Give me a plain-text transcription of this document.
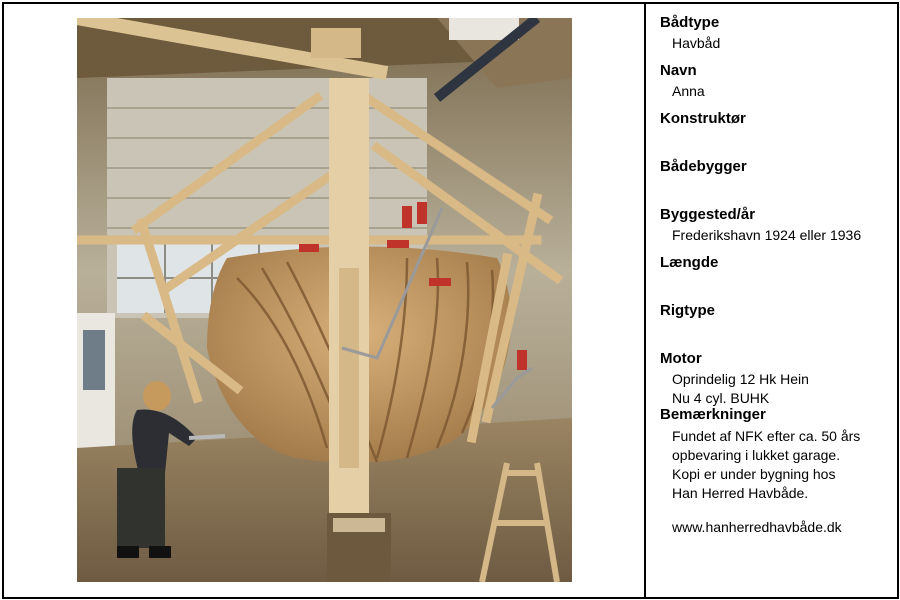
Bådtype
Havbåd
Navn
Anna
Konstruktør
Bådebygger
Byggested/år
Frederikshavn 1924 eller 1936
Længde
Rigtype
Motor
Oprindelig 12 Hk Hein
Nu 4 cyl. BUHK
Bemærkninger
Fundet af NFK efter ca. 50 års
opbevaring i lukket garage.
Kopi er under bygning hos
Han Herred Havbåde.
www.hanherredhavbåde.dk
